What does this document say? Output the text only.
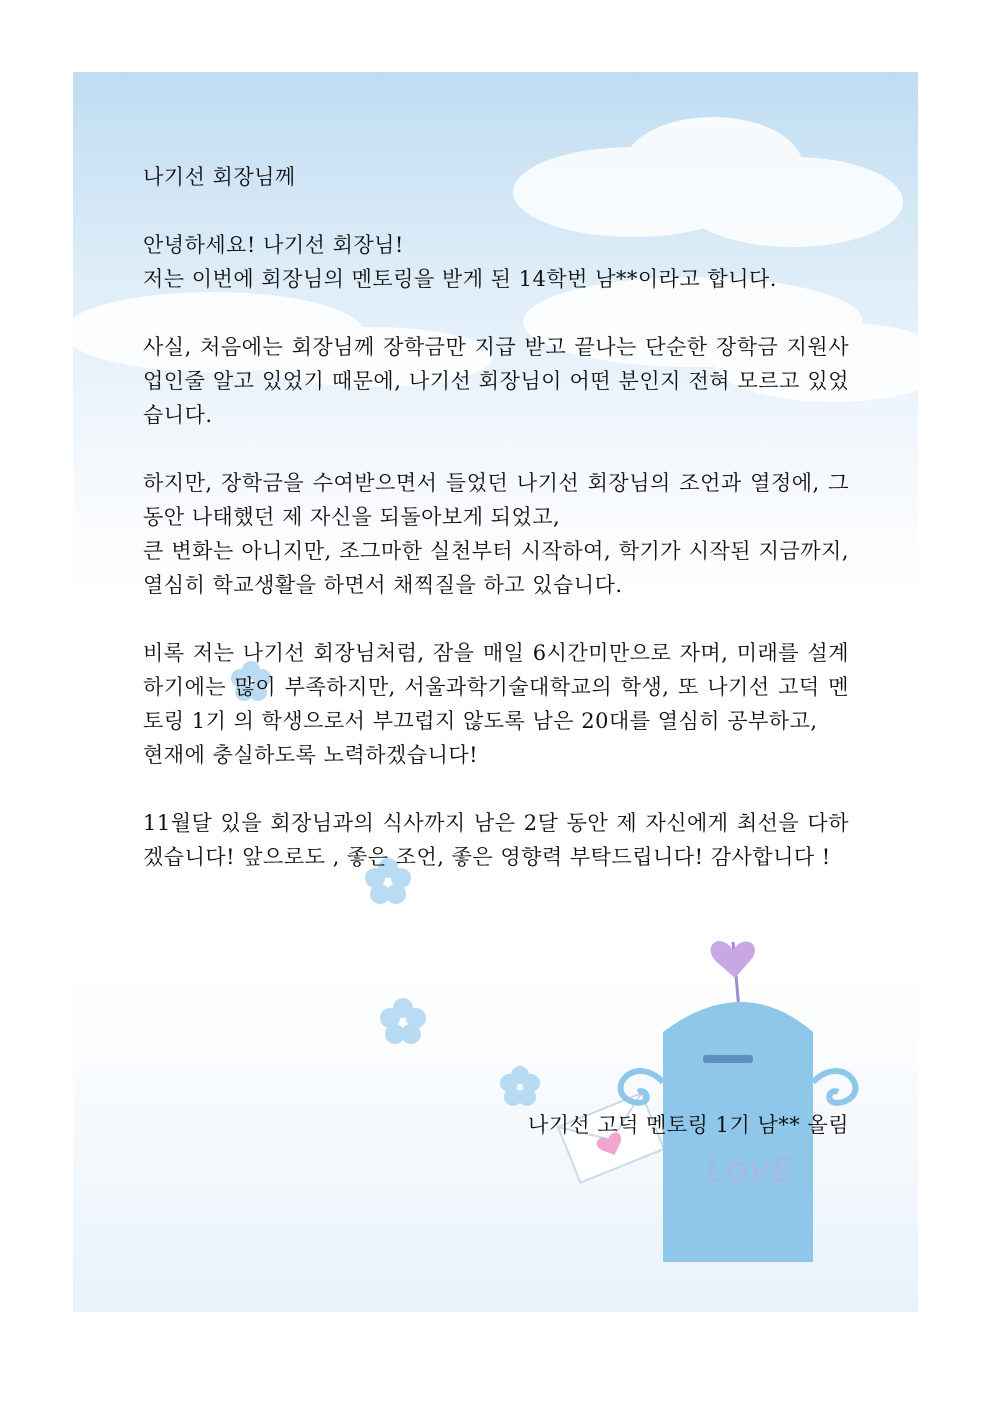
LovE

나기선 회장님께

안녕하세요! 나기선 회장님!

저는 이번에 회장님의 멘토링을 받게 된 14학번 남**이라고 합니다.

사실, 처음에는 회장님께 장학금만 지급 받고 끝나는 단순한 장학금 지원사업인줄 알고 있었기 때문에, 나기선 회장님이 어떤 분인지 전혀 모르고 있었습니다.

하지만, 장학금을 수여받으면서 들었던 나기선 회장님의 조언과 열정에, 그 동안 나태했던 제 자신을 되돌아보게 되었고,

큰 변화는 아니지만, 조그마한 실천부터 시작하여, 학기가 시작된 지금까지, 열심히 학교생활을 하면서 채찍질을 하고 있습니다.

비록 저는 나기선 회장님처럼, 잠을 매일 6시간미만으로 자며, 미래를 설계하기에는 많이 부족하지만, 서울과학기술대학교의 학생, 또 나기선 고덕 멘토링 1기 의 학생으로서 부끄럽지 않도록 남은 20대를 열심히 공부하고,

현재에 충실하도록 노력하겠습니다!

11월달 있을 회장님과의 식사까지 남은 2달 동안 제 자신에게 최선을 다하겠습니다! 앞으로도 , 좋은 조언, 좋은 영향력 부탁드립니다! 감사합니다 !

나기선 고덕 멘토링 1기 남** 올림
